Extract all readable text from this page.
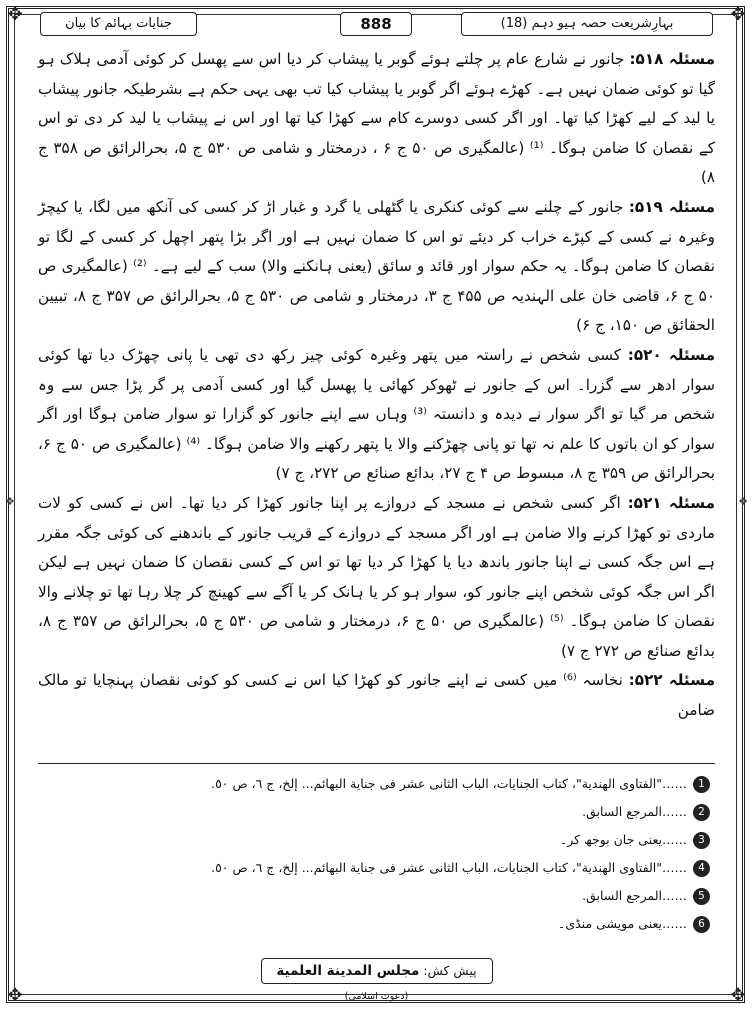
✥	✥
✥	✥
❖	❖
بہارِشریعت حصہ ہیو دہم (18)
888
جنایات بہائم کا بیان

مسئلہ ۵۱۸: جانور نے شارع عام پر چلتے ہوئے گوبر یا پیشاب کر دیا اس سے پھسل کر کوئی آدمی ہلاک ہو گیا تو کوئی ضمان نہیں ہے۔ کھڑے ہوئے اگر گوبر یا پیشاب کیا تب بھی یہی حکم ہے بشرطیکہ جانور پیشاب یا لید کے لیے کھڑا کیا تھا۔ اور اگر کسی دوسرے کام سے کھڑا کیا تھا اور اس نے پیشاب یا لید کر دی تو اس کے نقصان کا ضامن ہوگا۔ ⁽¹⁾ (عالمگیری ص ۵۰ ج ۶ ، درمختار و شامی ص ۵۳۰ ج ۵، بحرالرائق ص ۳۵۸ ج ۸)

مسئلہ ۵۱۹: جانور کے چلنے سے کوئی کنکری یا گٹھلی یا گرد و غبار اڑ کر کسی کی آنکھ میں لگا، یا کیچڑ وغیرہ نے کسی کے کپڑے خراب کر دیئے تو اس کا ضمان نہیں ہے اور اگر بڑا پتھر اچھل کر کسی کے لگا تو نقصان کا ضامن ہوگا۔ یہ حکم سوار اور قائد و سائق (یعنی ہانکنے والا) سب کے لیے ہے۔ ⁽²⁾ (عالمگیری ص ۵۰ ج ۶، قاضی خان علی الہندیہ ص ۴۵۵ ج ۳، درمختار و شامی ص ۵۳۰ ج ۵، بحرالرائق ص ۳۵۷ ج ۸، تبیین الحقائق ص ۱۵۰، ج ۶)

مسئلہ ۵۲۰: کسی شخص نے راستہ میں پتھر وغیرہ کوئی چیز رکھ دی تھی یا پانی چھڑک دیا تھا کوئی سوار ادھر سے گزرا۔ اس کے جانور نے ٹھوکر کھائی یا پھسل گیا اور کسی آدمی پر گر پڑا جس سے وہ شخص مر گیا تو اگر سوار نے دیدہ و دانستہ ⁽³⁾ وہاں سے اپنے جانور کو گزارا تو سوار ضامن ہوگا اور اگر سوار کو ان باتوں کا علم نہ تھا تو پانی چھڑکنے والا یا پتھر رکھنے والا ضامن ہوگا۔ ⁽⁴⁾ (عالمگیری ص ۵۰ ج ۶، بحرالرائق ص ۳۵۹ ج ۸، مبسوط ص ۴ ج ۲۷، بدائع صنائع ص ۲۷۲، ج ۷)

مسئلہ ۵۲۱: اگر کسی شخص نے مسجد کے دروازے پر اپنا جانور کھڑا کر دیا تھا۔ اس نے کسی کو لات ماردی تو کھڑا کرنے والا ضامن ہے اور اگر مسجد کے دروازے کے قریب جانور کے باندھنے کی کوئی جگہ مقرر ہے اس جگہ کسی نے اپنا جانور باندھ دیا یا کھڑا کر دیا تھا تو اس کے کسی نقصان کا ضمان نہیں ہے لیکن اگر اس جگہ کوئی شخص اپنے جانور کو، سوار ہو کر یا ہانک کر یا آگے سے کھینچ کر چلا رہا تھا تو چلانے والا نقصان کا ضامن ہوگا۔ ⁽⁵⁾ (عالمگیری ص ۵۰ ج ۶، درمختار و شامی ص ۵۳۰ ج ۵، بحرالرائق ص ۳۵۷ ج ۸، بدائع صنائع ص ۲۷۲ ج ۷)

مسئلہ ۵۲۲: نخاسہ ⁽⁶⁾ میں کسی نے اپنے جانور کو کھڑا کیا اس نے کسی کو کوئی نقصان پہنچایا تو مالک ضامن

1
……"الفتاوی الهندیة"، کتاب الجنایات، الباب الثانی عشر فی جنایة البهائم... إلخ، ج ٦، ص ٥٠.
2
……المرجع السابق.
3
……یعنی جان بوجھ کر۔
4
……"الفتاوی الهندیة"، کتاب الجنایات، الباب الثانی عشر فی جنایة البهائم... إلخ، ج ٦، ص ٥٠.
5
……المرجع السابق.
6
……یعنی مویشی منڈی۔
پیش کش: مجلس المدینة العلمیة (دعوت اسلامی)
